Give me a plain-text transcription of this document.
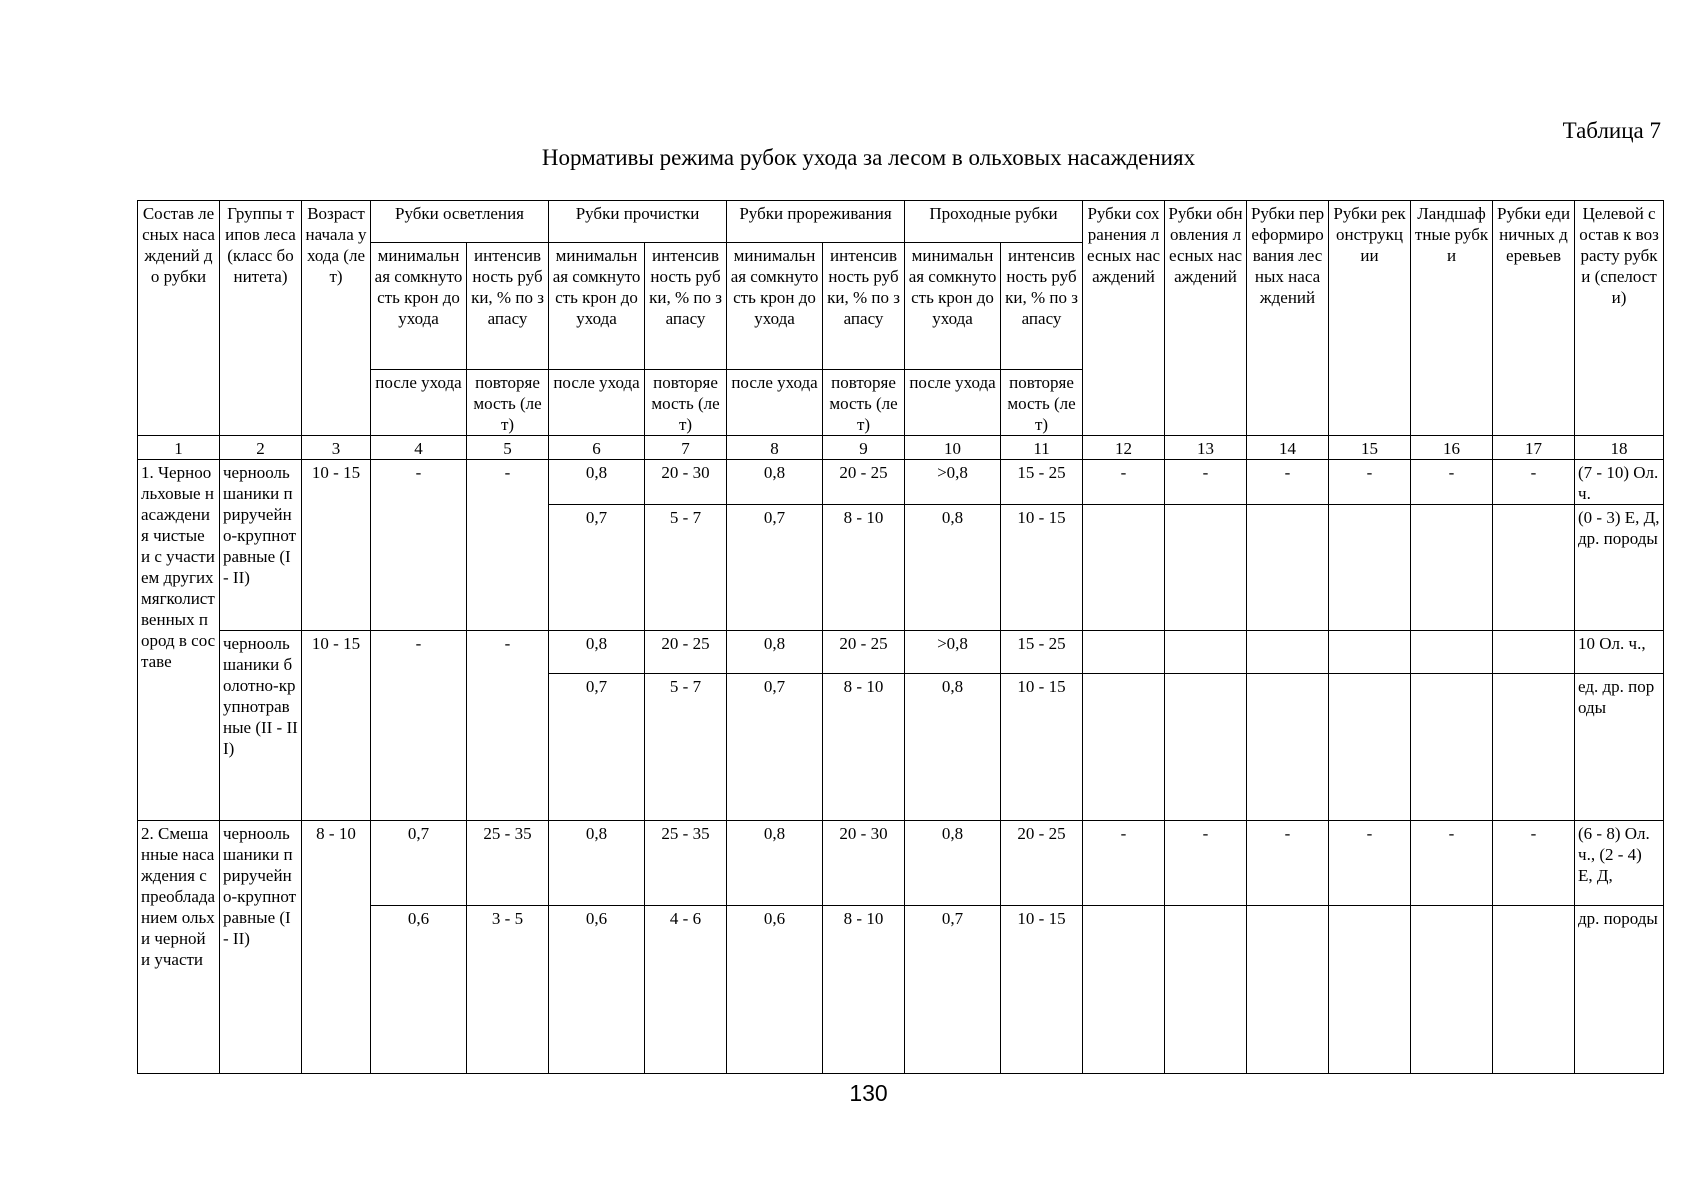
Таблица 7
Нормативы режима рубок ухода за лесом в ольховых насаждениях
Состав лесных насаждений до рубки	Группы типов леса (класс бонитета)	Возраст начала ухода (лет)	Рубки осветления		Рубки прочистки		Рубки прореживания		Проходные рубки		Рубки сохранения лесных насаждений	Рубки обновления лесных насаждений	Рубки переформирования лесных насаждений	Рубки реконструкции	Ландшафтные рубки	Рубки единичных деревьев	Целевой состав к возрасту рубки (спелости)
			минимальная сомкнутость крон до ухода	интенсивность рубки, % по запасу	минимальная сомкнутость крон до ухода	интенсивность рубки, % по запасу	минимальная сомкнутость крон до ухода	интенсивность рубки, % по запасу	минимальная сомкнутость крон до ухода	интенсивность рубки, % по запасу							
			после ухода	повторяемость (лет)	после ухода	повторяемость (лет)	после ухода	повторяемость (лет)	после ухода	повторяемость (лет)							
1	2	3	4	5	6	7	8	9	10	11	12	13	14	15	16	17	18
1. Черноольховые насаждения чистые и с участием других мягколиственных пород в составе	черноольшаники приручейно-крупнотравные (I - II)	10 - 15	-	-	0,8	20 - 30	0,8	20 - 25	>0,8	15 - 25	-	-	-	-	-	-	(7 - 10) Ол. ч.
					0,7	5 - 7	0,7	8 - 10	0,8	10 - 15							(0 - 3) Е, Д, др. породы
	черноольшаники болотно-крупнотравные (II - III)	10 - 15	-	-	0,8	20 - 25	0,8	20 - 25	>0,8	15 - 25							10 Ол. ч.,
					0,7	5 - 7	0,7	8 - 10	0,8	10 - 15							ед. др. породы
2. Смешанные насаждения с преобладанием ольхи черной и участи	черноольшаники приручейно-крупнотравные (I - II)	8 - 10	0,7	25 - 35	0,8	25 - 35	0,8	20 - 30	0,8	20 - 25	-	-	-	-	-	-	(6 - 8) Ол. ч., (2 - 4) Е, Д,
			0,6	3 - 5	0,6	4 - 6	0,6	8 - 10	0,7	10 - 15							др. породы
130
